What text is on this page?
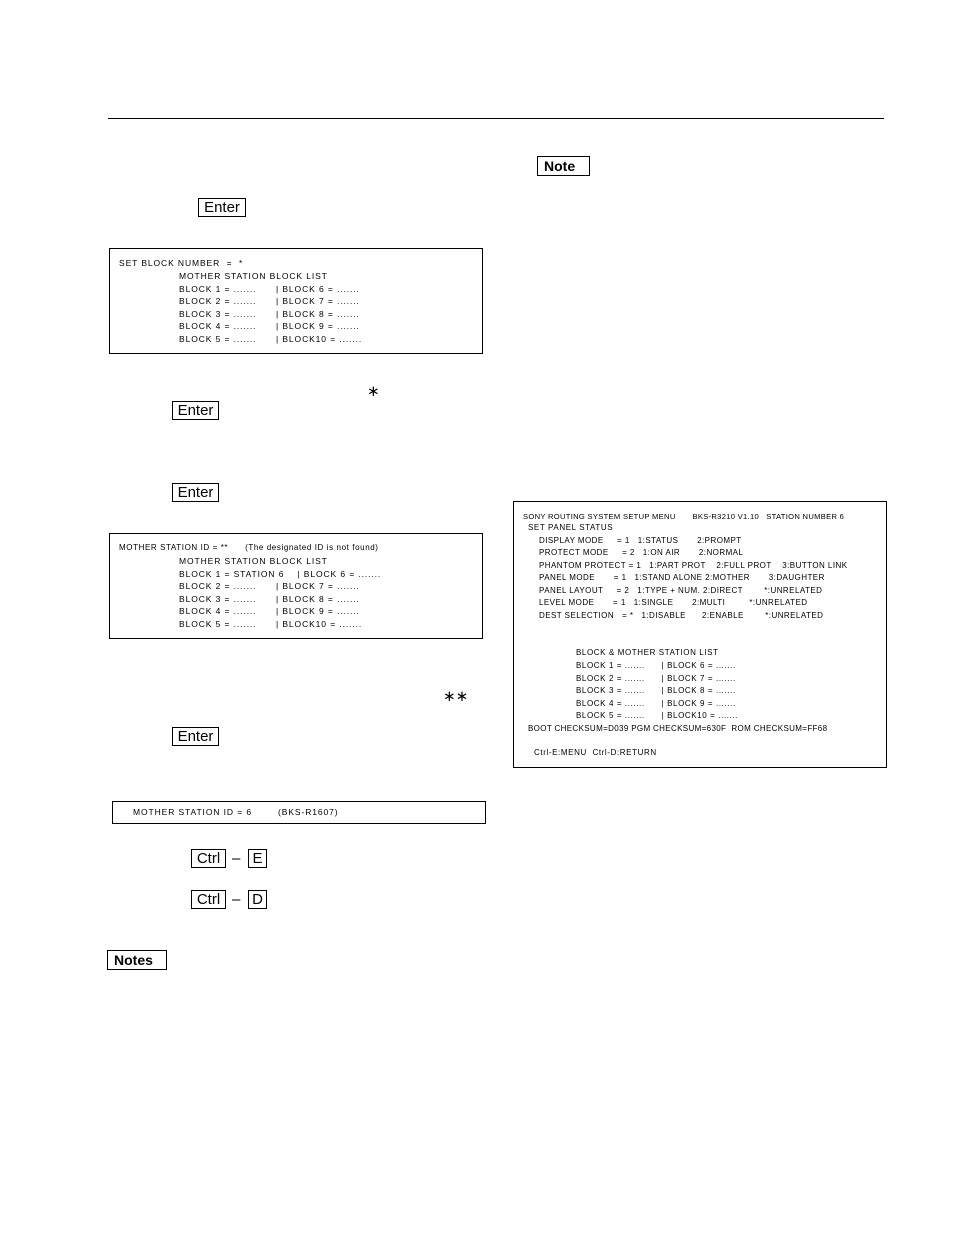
Enter
SET BLOCK NUMBER  =  *
MOTHER STATION BLOCK LIST
BLOCK 1 = .......      | BLOCK 6 = .......
BLOCK 2 = .......      | BLOCK 7 = .......
BLOCK 3 = .......      | BLOCK 8 = .......
BLOCK 4 = .......      | BLOCK 9 = .......
BLOCK 5 = .......      | BLOCK10 = .......
∗
Enter
Enter
MOTHER STATION ID = **      (The designated ID is not found)
MOTHER STATION BLOCK LIST
BLOCK 1 = STATION 6    | BLOCK 6 = .......
BLOCK 2 = .......      | BLOCK 7 = .......
BLOCK 3 = .......      | BLOCK 8 = .......
BLOCK 4 = .......      | BLOCK 9 = .......
BLOCK 5 = .......      | BLOCK10 = .......
∗∗
Enter
MOTHER STATION ID = 6        (BKS-R1607)
Ctrl – E
Ctrl – D
Notes
Note
SONY ROUTING SYSTEM SETUP MENU       BKS-R3210 V1.10   STATION NUMBER 6
SET PANEL STATUS
DISPLAY MODE     = 1   1:STATUS       2:PROMPT
PROTECT MODE     = 2   1:ON AIR       2:NORMAL
PHANTOM PROTECT = 1   1:PART PROT    2:FULL PROT    3:BUTTON LINK
PANEL MODE       = 1   1:STAND ALONE 2:MOTHER       3:DAUGHTER
PANEL LAYOUT     = 2   1:TYPE + NUM. 2:DIRECT        *:UNRELATED
LEVEL MODE       = 1   1:SINGLE       2:MULTI         *:UNRELATED
DEST SELECTION   = *   1:DISABLE      2:ENABLE        *:UNRELATED
BLOCK & MOTHER STATION LIST
BLOCK 1 = .......      | BLOCK 6 = .......
BLOCK 2 = .......      | BLOCK 7 = .......
BLOCK 3 = .......      | BLOCK 8 = .......
BLOCK 4 = .......      | BLOCK 9 = .......
BLOCK 5 = .......      | BLOCK10 = .......
BOOT CHECKSUM=D039 PGM CHECKSUM=630F  ROM CHECKSUM=FF68
Ctrl-E:MENU  Ctrl-D:RETURN
